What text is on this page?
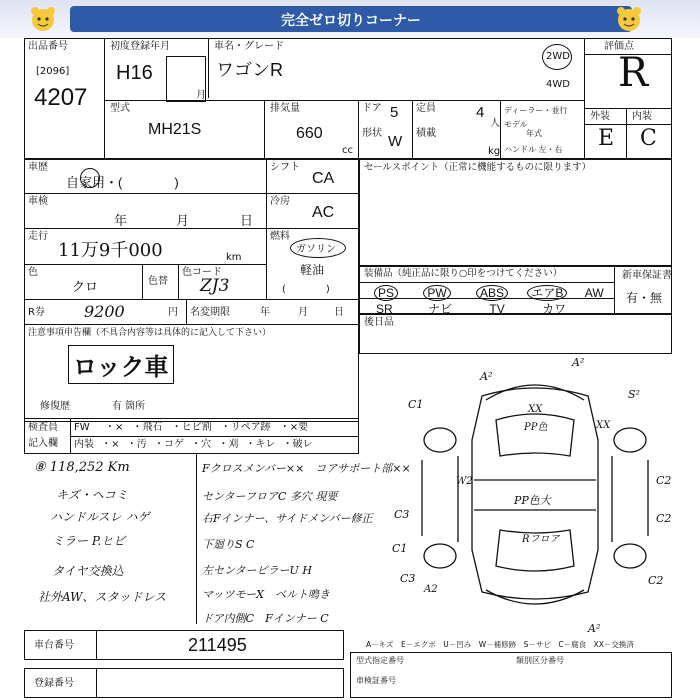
完全ゼロ切りコーナー
出品番号
[2096]
4207
初度登録年月
H16
月
車名・グレード
ワゴンR
2WD
4WD
評価点
R
型式
MH21S
排気量
660
cc
ドア 5
形状 W
定員	4
人
積載
kg
ディーラー・並行
モデル
年式
ハンドル 左・右
外装 内装
E C
車歴
自家用・(　　　　)
シフト
CA
車検
年	月	日
冷房
AC
走行
11万9千000	km
燃料
ガソリン
軽油
(　　　　)
色
クロ	色替
色コード
ZJ3
R券 9200	円 名変期限	年	月	日
注意事項申告欄（不具合内容等は具体的に記入して下さい）
ロック車
修復歴	有 箇所
検査員
記入欄
FW ・× ・飛石 ・ヒビ割 ・リペア跡 ・×要
内装 ・× ・汚 ・コゲ ・穴 ・刈 ・キレ ・破レ
セールスポイント（正常に機能するものに限ります）
装備品（純正品に限り○印をつけてください）	新車保証書
有・無
PS	PW	ABS エアB AW
SR	ナビ	TV	カワ
後日品
⑧ 118,252 Km
キズ・ヘコミ
ハンドルスレ ハゲ
ミラー P.ヒビ
タイヤ交換込
社外AW、スタッドレス
Fクロスメンバー××　コアサポート部××
センターフロアC 多穴 現要
右Fインナー、サイドメンバー修正
下廻りS C
左センターピラーU H
マッツモーX　ベルト鳴き
ドア内側C　Fインナー C
A²
A²
S²
C1	XX
PP色	XX
W2
PP色大
C2
C3	C2
C1
C2
C3
A2
A²
Rフロア
A－キズ　E－エクボ　U－凹み　W－補修跡　S－サビ　C－腐食　XX－交換済
車台番号	211495
登録番号
型式指定番号	類別区分番号
車検証番号
